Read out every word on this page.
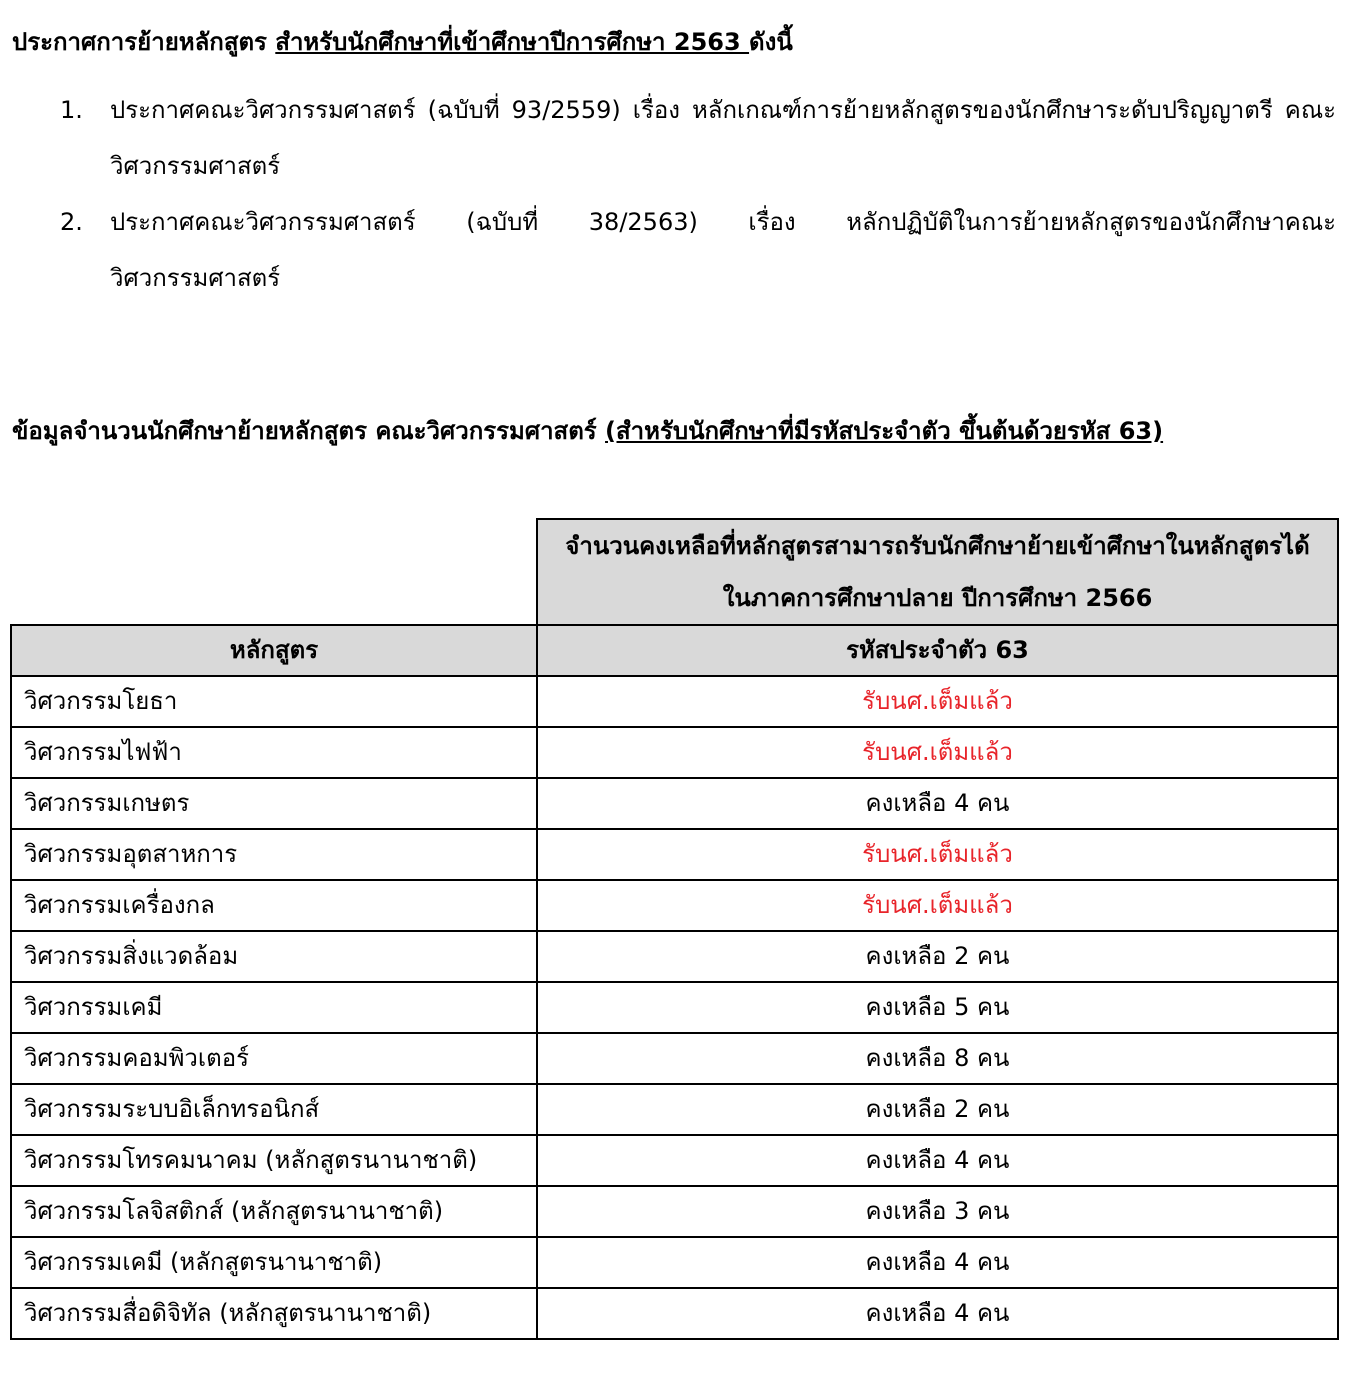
ประกาศการย้ายหลักสูตร สำหรับนักศึกษาที่เข้าศึกษาปีการศึกษา 2563 ดังนี้
1.	ประกาศคณะวิศวกรรมศาสตร์ (ฉบับที่ 93/2559) เรื่อง หลักเกณฑ์การย้ายหลักสูตรของนักศึกษาระดับปริญญาตรี คณะวิศวกรรมศาสตร์
2.	ประกาศคณะวิศวกรรมศาสตร์ (ฉบับที่ 38/2563) เรื่อง หลักปฏิบัติในการย้ายหลักสูตรของนักศึกษาคณะ วิศวกรรมศาสตร์
ข้อมูลจำนวนนักศึกษาย้ายหลักสูตร คณะวิศวกรรมศาสตร์ (สำหรับนักศึกษาที่มีรหัสประจำตัว ขึ้นต้นด้วยรหัส 63)
	จำนวนคงเหลือที่หลักสูตรสามารถรับนักศึกษาย้ายเข้าศึกษาในหลักสูตรได้ ในภาคการศึกษาปลาย ปีการศึกษา 2566
หลักสูตร	รหัสประจำตัว 63
วิศวกรรมโยธา	รับนศ.เต็มแล้ว
วิศวกรรมไฟฟ้า	รับนศ.เต็มแล้ว
วิศวกรรมเกษตร	คงเหลือ 4 คน
วิศวกรรมอุตสาหการ	รับนศ.เต็มแล้ว
วิศวกรรมเครื่องกล	รับนศ.เต็มแล้ว
วิศวกรรมสิ่งแวดล้อม	คงเหลือ 2 คน
วิศวกรรมเคมี	คงเหลือ 5 คน
วิศวกรรมคอมพิวเตอร์	คงเหลือ 8 คน
วิศวกรรมระบบอิเล็กทรอนิกส์	คงเหลือ 2 คน
วิศวกรรมโทรคมนาคม (หลักสูตรนานาชาติ)	คงเหลือ 4 คน
วิศวกรรมโลจิสติกส์ (หลักสูตรนานาชาติ)	คงเหลือ 3 คน
วิศวกรรมเคมี (หลักสูตรนานาชาติ)	คงเหลือ 4 คน
วิศวกรรมสื่อดิจิทัล (หลักสูตรนานาชาติ)	คงเหลือ 4 คน
